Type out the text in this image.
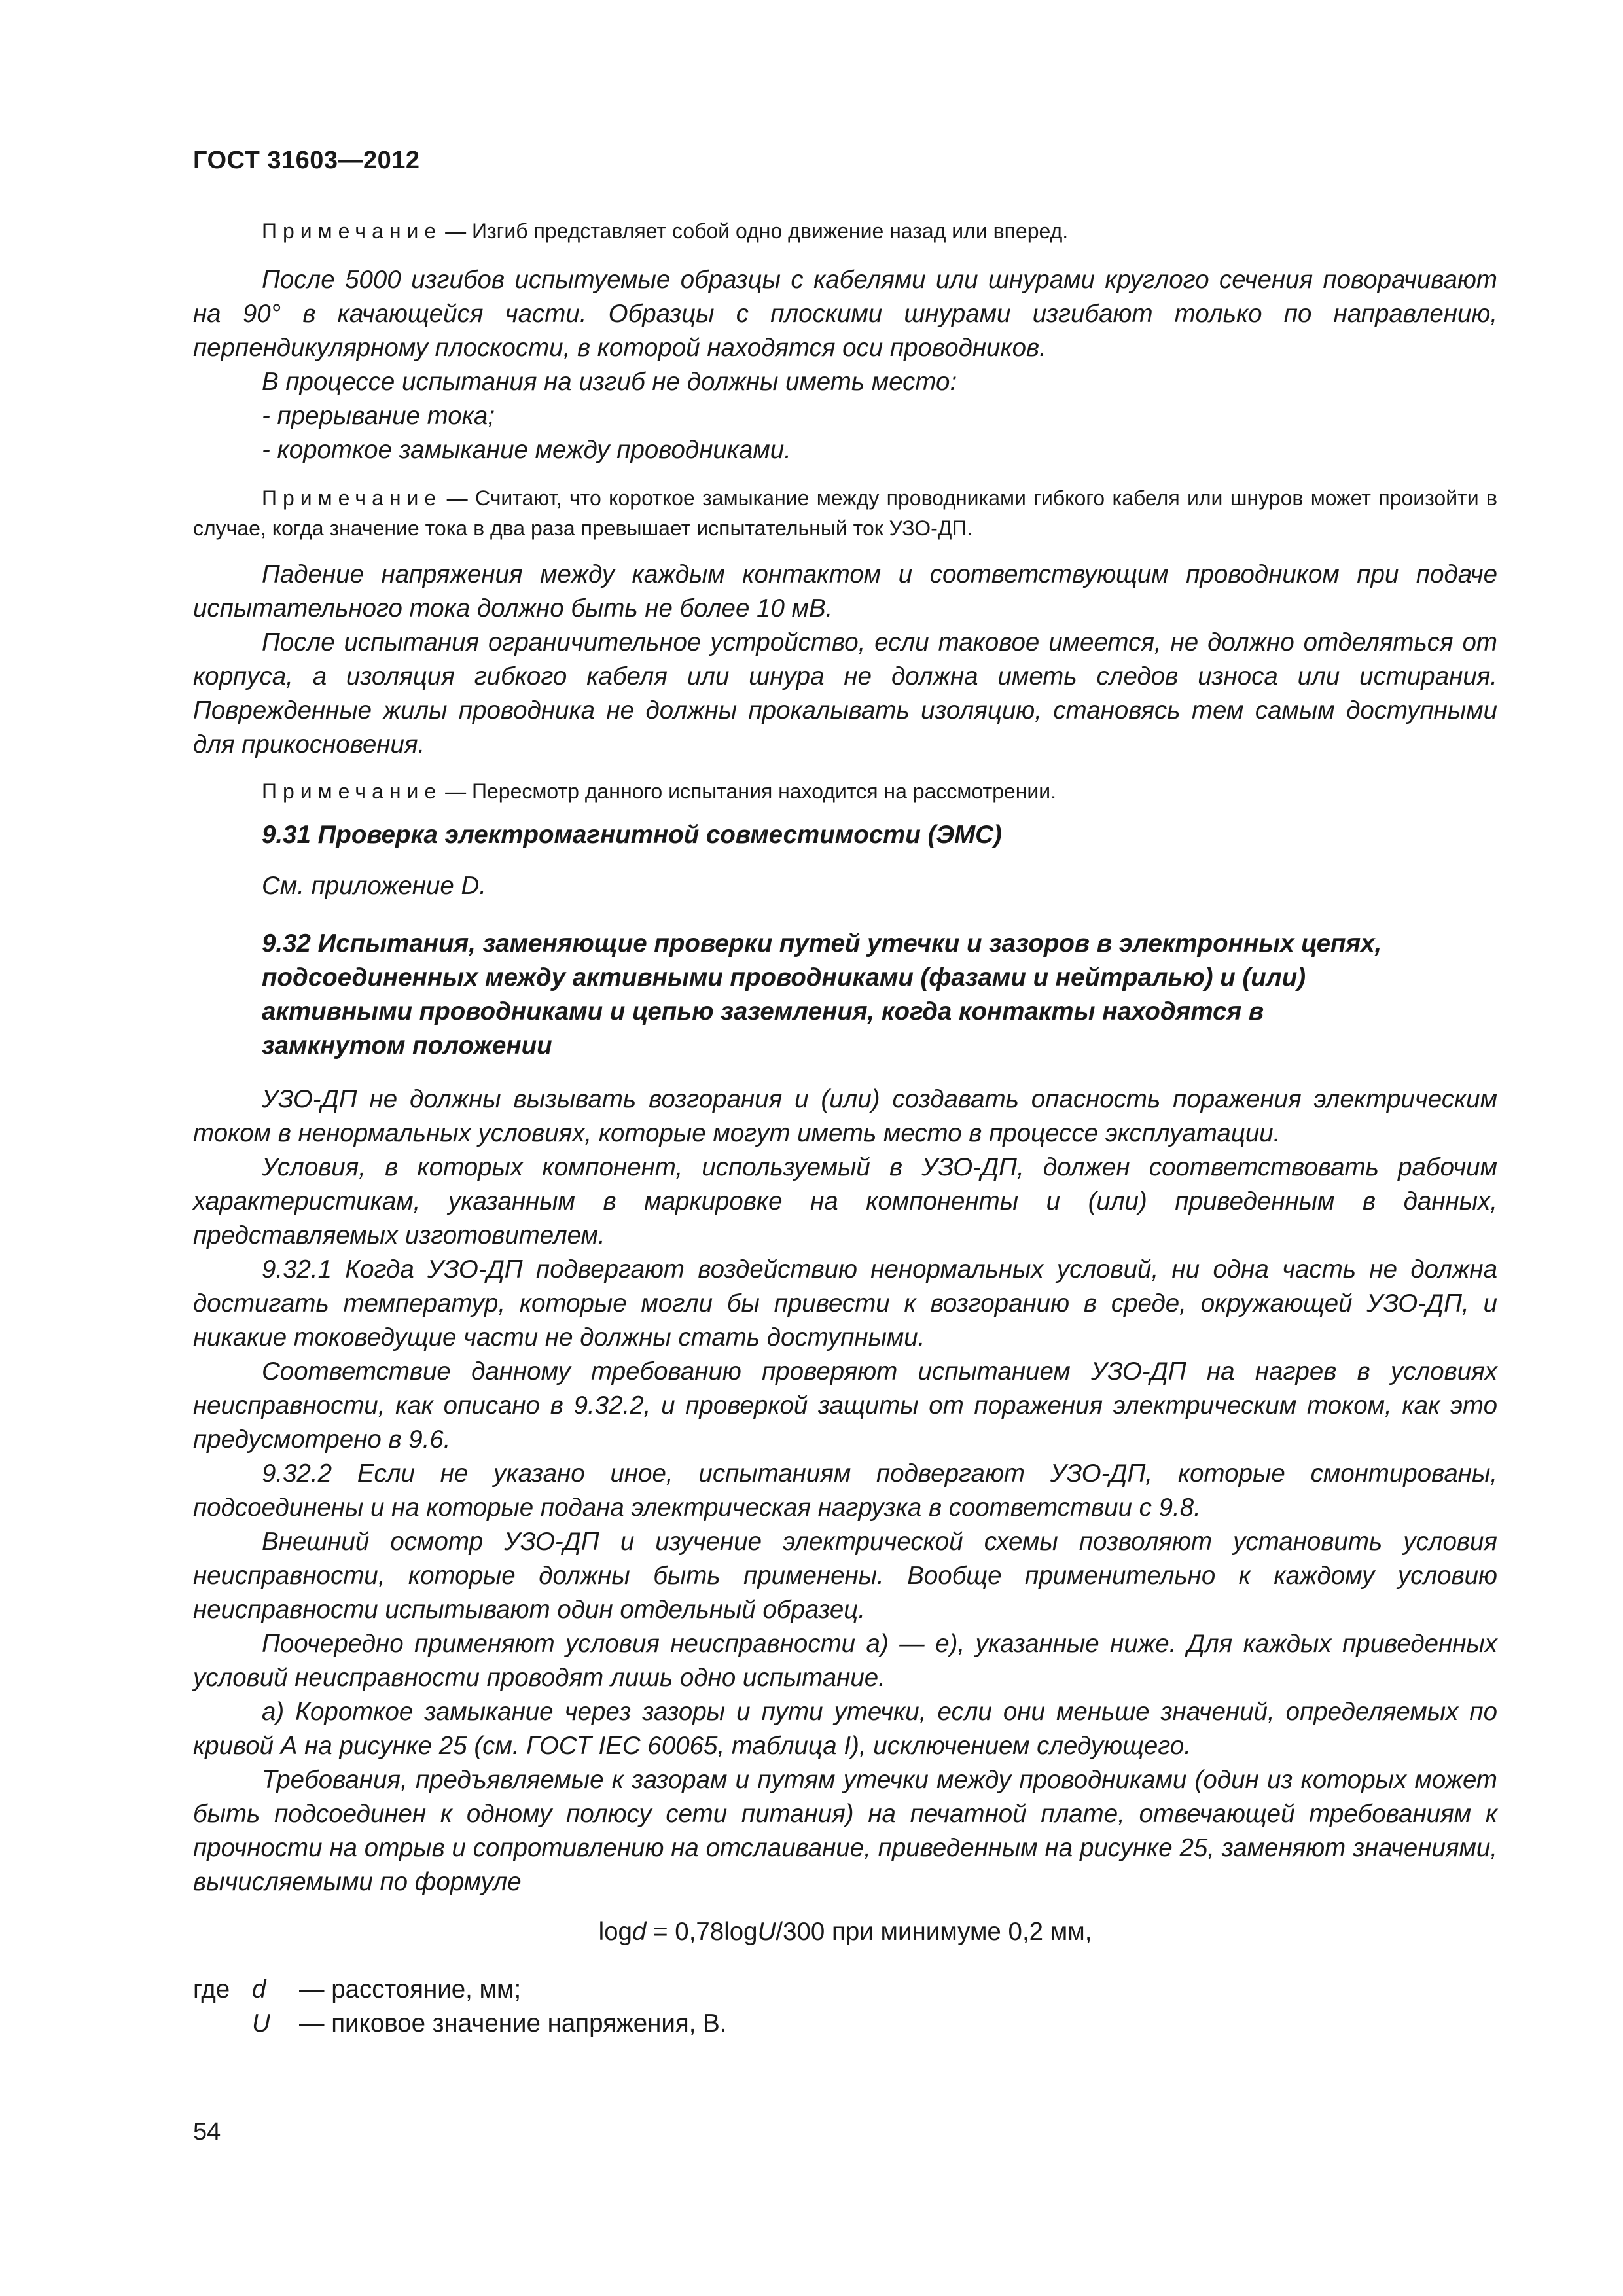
ГОСТ 31603—2012

Примечание — Изгиб представляет собой одно движение назад или вперед.

После 5000 изгибов испытуемые образцы с кабелями или шнурами круглого сечения поворачивают на 90° в качающейся части. Образцы с плоскими шнурами изгибают только по направлению, перпендикулярному плоскости, в которой находятся оси проводников.

В процессе испытания на изгиб не должны иметь место:

- прерывание тока;

- короткое замыкание между проводниками.

Примечание — Считают, что короткое замыкание между проводниками гибкого кабеля или шнуров может произойти в случае, когда значение тока в два раза превышает испытательный ток УЗО-ДП.

Падение напряжения между каждым контактом и соответствующим проводником при подаче испытательного тока должно быть не более 10 мВ.

После испытания ограничительное устройство, если таковое имеется, не должно отделяться от корпуса, а изоляция гибкого кабеля или шнура не должна иметь следов износа или истирания. Поврежденные жилы проводника не должны прокалывать изоляцию, становясь тем самым доступными для прикосновения.

Примечание — Пересмотр данного испытания находится на рассмотрении.

9.31 Проверка электромагнитной совместимости (ЭМС)
См. приложение D.
9.32 Испытания, заменяющие проверки путей утечки и зазоров в электронных цепях, подсоединенных между активными проводниками (фазами и нейтралью) и (или) активными проводниками и цепью заземления, когда контакты находятся в замкнутом положении

УЗО-ДП не должны вызывать возгорания и (или) создавать опасность поражения электрическим током в ненормальных условиях, которые могут иметь место в процессе эксплуатации.

Условия, в которых компонент, используемый в УЗО-ДП, должен соответствовать рабочим характеристикам, указанным в маркировке на компоненты и (или) приведенным в данных, представляемых изготовителем.

9.32.1 Когда УЗО-ДП подвергают воздействию ненормальных условий, ни одна часть не должна достигать температур, которые могли бы привести к возгоранию в среде, окружающей УЗО-ДП, и никакие токоведущие части не должны стать доступными.

Соответствие данному требованию проверяют испытанием УЗО-ДП на нагрев в условиях неисправности, как описано в 9.32.2, и проверкой защиты от поражения электрическим током, как это предусмотрено в 9.6.

9.32.2 Если не указано иное, испытаниям подвергают УЗО-ДП, которые смонтированы, подсоединены и на которые подана электрическая нагрузка в соответствии с 9.8.

Внешний осмотр УЗО-ДП и изучение электрической схемы позволяют установить условия неисправности, которые должны быть применены. Вообще применительно к каждому условию неисправности испытывают один отдельный образец.

Поочередно применяют условия неисправности а) — е), указанные ниже. Для каждых приведенных условий неисправности проводят лишь одно испытание.

а) Короткое замыкание через зазоры и пути утечки, если они меньше значений, определяемых по кривой А на рисунке 25 (см. ГОСТ IEC 60065, таблица I), исключением следующего.

Требования, предъявляемые к зазорам и путям утечки между проводниками (один из которых может быть подсоединен к одному полюсу сети питания) на печатной плате, отвечающей требованиям к прочности на отрыв и сопротивлению на отслаивание, приведенным на рисунке 25, заменяют значениями, вычисляемыми по формуле

logd = 0,78logU/300 при минимуме 0,2 мм,
где d	— расстояние, мм;
U	— пиковое значение напряжения, В.
54
